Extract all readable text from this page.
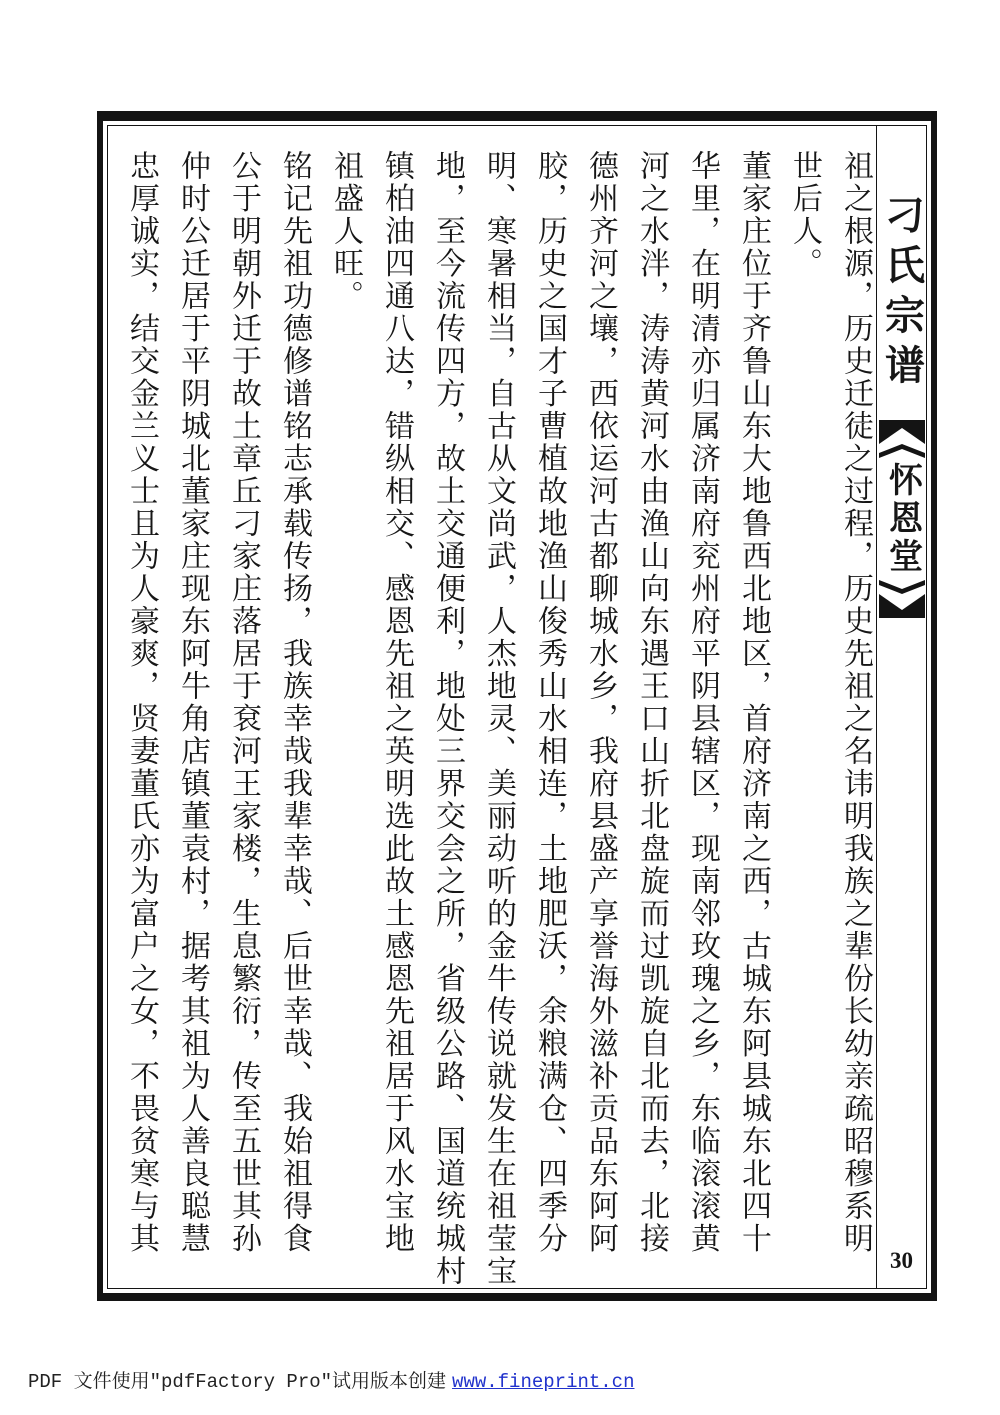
祖之根源，历史迁徒之过程，历史先祖之名讳明我族之辈份长幼亲疏昭穆系明
世后人。
董家庄位于齐鲁山东大地鲁西北地区，首府济南之西，古城东阿县城东北四十
华里，在明清亦归属济南府兖州府平阴县辖区，现南邻玫瑰之乡，东临滚滚黄
河之水泮，涛涛黄河水由渔山向东遇王口山折北盘旋而过凯旋自北而去，北接
德州齐河之壤，西依运河古都聊城水乡，我府县盛产享誉海外滋补贡品东阿阿
胶，历史之国才子曹植故地渔山俊秀山水相连，土地肥沃，余粮满仓、四季分
明、寒暑相当，自古从文尚武，人杰地灵、美丽动听的金牛传说就发生在祖莹宝
地，至今流传四方，故土交通便利，地处三界交会之所，省级公路、国道统城村
镇柏油四通八达，错纵相交、感恩先祖之英明选此故土感恩先祖居于风水宝地
祖盛人旺。
铭记先祖功德修谱铭志承载传扬，我族幸哉我辈幸哉、后世幸哉、我始祖得食
公于明朝外迁于故土章丘刁家庄落居于袞河王家楼，生息繁衍，传至五世其孙
仲时公迁居于平阴城北董家庄现东阿牛角店镇董袁村，据考其祖为人善良聪慧
忠厚诚实，结交金兰义士且为人豪爽，贤妻董氏亦为富户之女，不畏贫寒与其	刁氏宗谱
怀恩堂
30
PDF 文件使用″pdfFactory Pro″试用版本创建 www.fineprint.cn
